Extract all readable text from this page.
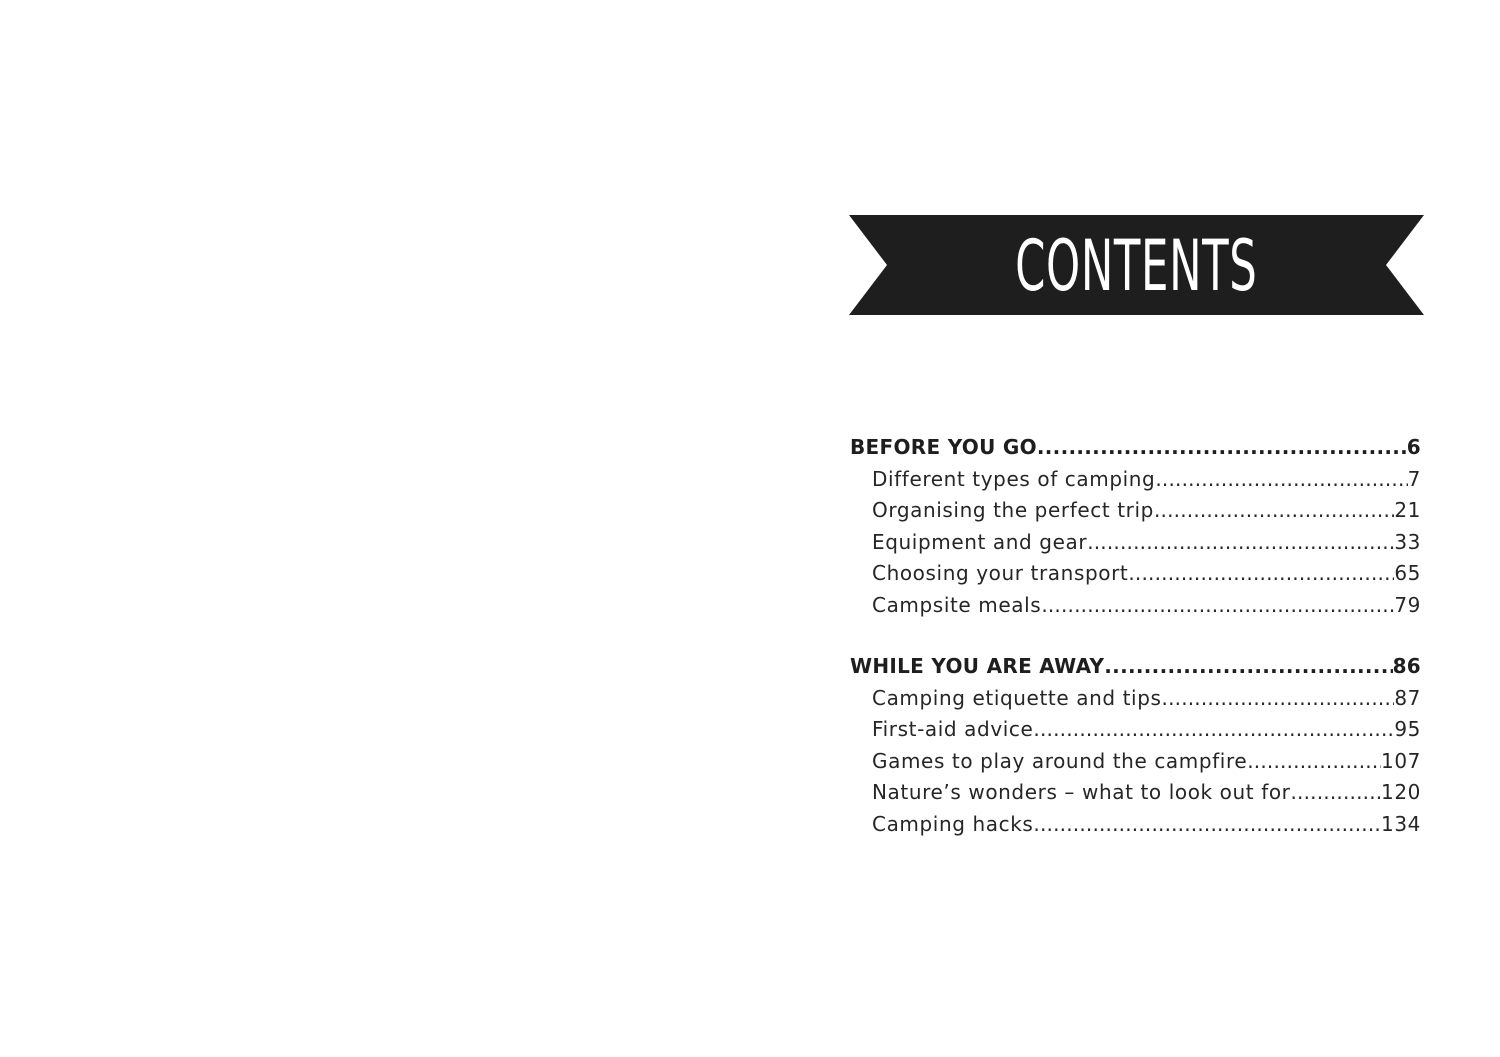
CONTENTS
BEFORE YOU GO .....	6
Different types of camping .....	7
Organising the perfect trip .....	21
Equipment and gear .....	33
Choosing your transport .....	65
Campsite meals .....	79
WHILE YOU ARE AWAY .....	86
Camping etiquette and tips .....	87
First-aid advice .....	95
Games to play around the campfire .....	107
Nature’s wonders – what to look out for .....	120
Camping hacks .....	134
